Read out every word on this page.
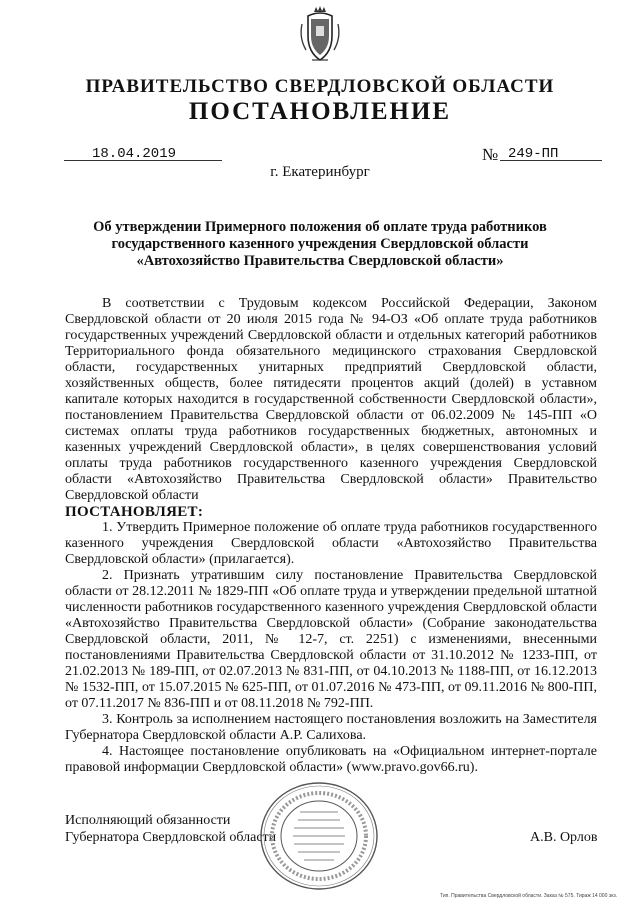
ПРАВИТЕЛЬСТВО СВЕРДЛОВСКОЙ ОБЛАСТИ
ПОСТАНОВЛЕНИЕ
18.04.2019	№ 249-ПП
г. Екатеринбург
Об утверждении Примерного положения об оплате труда работников
государственного казенного учреждения Свердловской области
«Автохозяйство Правительства Свердловской области»

В соответствии с Трудовым кодексом Российской Федерации, Законом Свердловской области от 20 июля 2015 года № 94-ОЗ «Об оплате труда работников государственных учреждений Свердловской области и отдельных категорий работников Территориального фонда обязательного медицинского страхования Свердловской области, государственных унитарных предприятий Свердловской области, хозяйственных обществ, более пятидесяти процентов акций (долей) в уставном капитале которых находится в государственной собственности Свердловской области», постановлением Правительства Свердловской области от 06.02.2009 № 145-ПП «О системах оплаты труда работников государственных бюджетных, автономных и казенных учреждений Свердловской области», в целях совершенствования условий оплаты труда работников государственного казенного учреждения Свердловской области «Автохозяйство Правительства Свердловской области» Правительство Свердловской области

ПОСТАНОВЛЯЕТ:

1. Утвердить Примерное положение об оплате труда работников государственного казенного учреждения Свердловской области «Автохозяйство Правительства Свердловской области» (прилагается).

2. Признать утратившим силу постановление Правительства Свердловской области от 28.12.2011 № 1829-ПП «Об оплате труда и утверждении предельной штатной численности работников государственного казенного учреждения Свердловской области «Автохозяйство Правительства Свердловской области» (Собрание законодательства Свердловской области, 2011, № 12-7, ст. 2251) с изменениями, внесенными постановлениями Правительства Свердловской области от 31.10.2012 № 1233-ПП, от 21.02.2013 № 189-ПП, от 02.07.2013 № 831-ПП, от 04.10.2013 № 1188-ПП, от 16.12.2013 № 1532-ПП, от 15.07.2015 № 625-ПП, от 01.07.2016 № 473-ПП, от 09.11.2016 № 800-ПП, от 07.11.2017 № 836-ПП и от 08.11.2018 № 792-ПП.

3. Контроль за исполнением настоящего постановления возложить на Заместителя Губернатора Свердловской области А.Р. Салихова.

4. Настоящее постановление опубликовать на «Официальном интернет-портале правовой информации Свердловской области» (www.pravo.gov66.ru).

Исполняющий обязанности
Губернатора Свердловской области	А.В. Орлов
Тип. Правительства Свердловской области. Заказ № 575. Тираж 14 000 экз.
